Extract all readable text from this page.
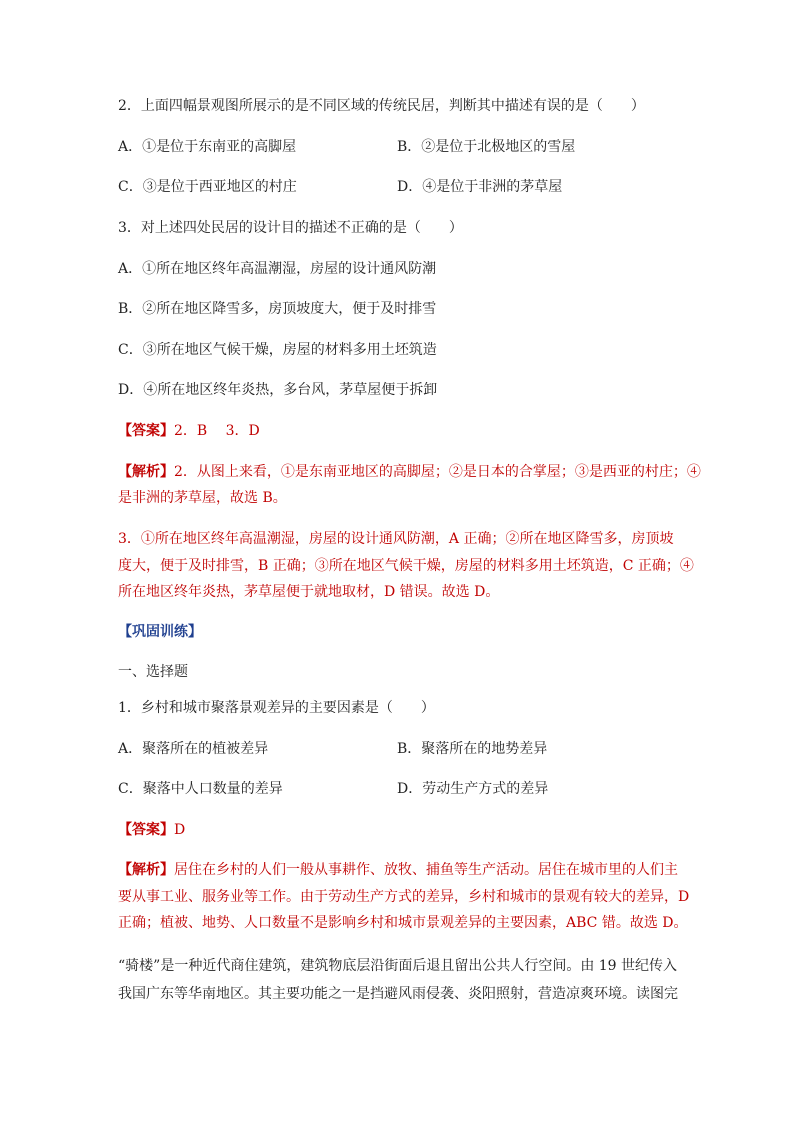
2．上面四幅景观图所展示的是不同区域的传统民居，判断其中描述有误的是（　　）
A．①是位于东南亚的高脚屋	B．②是位于北极地区的雪屋
C．③是位于西亚地区的村庄	D．④是位于非洲的茅草屋
3．对上述四处民居的设计目的描述不正确的是（　　）
A．①所在地区终年高温潮湿，房屋的设计通风防潮
B．②所在地区降雪多，房顶坡度大，便于及时排雪
C．③所在地区气候干燥，房屋的材料多用土坯筑造
D．④所在地区终年炎热，多台风，茅草屋便于拆卸
【答案】2．B　 3．D
【解析】2．从图上来看，①是东南亚地区的高脚屋；②是日本的合掌屋；③是西亚的村庄；④
是非洲的茅草屋，故选 B。
3．①所在地区终年高温潮湿，房屋的设计通风防潮，A 正确；②所在地区降雪多，房顶坡
度大，便于及时排雪，B 正确；③所在地区气候干燥，房屋的材料多用土坯筑造，C 正确；④
所在地区终年炎热，茅草屋便于就地取材，D 错误。故选 D。
【巩固训练】
一、选择题
1．乡村和城市聚落景观差异的主要因素是（　　）
A．聚落所在的植被差异	B．聚落所在的地势差异
C．聚落中人口数量的差异	D．劳动生产方式的差异
【答案】D
【解析】居住在乡村的人们一般从事耕作、放牧、捕鱼等生产活动。居住在城市里的人们主
要从事工业、服务业等工作。由于劳动生产方式的差异，乡村和城市的景观有较大的差异，D
正确；植被、地势、人口数量不是影响乡村和城市景观差异的主要因素，ABC 错。故选 D。
“骑楼”是一种近代商住建筑，建筑物底层沿街面后退且留出公共人行空间。由 19 世纪传入
我国广东等华南地区。其主要功能之一是挡避风雨侵袭、炎阳照射，营造凉爽环境。读图完
